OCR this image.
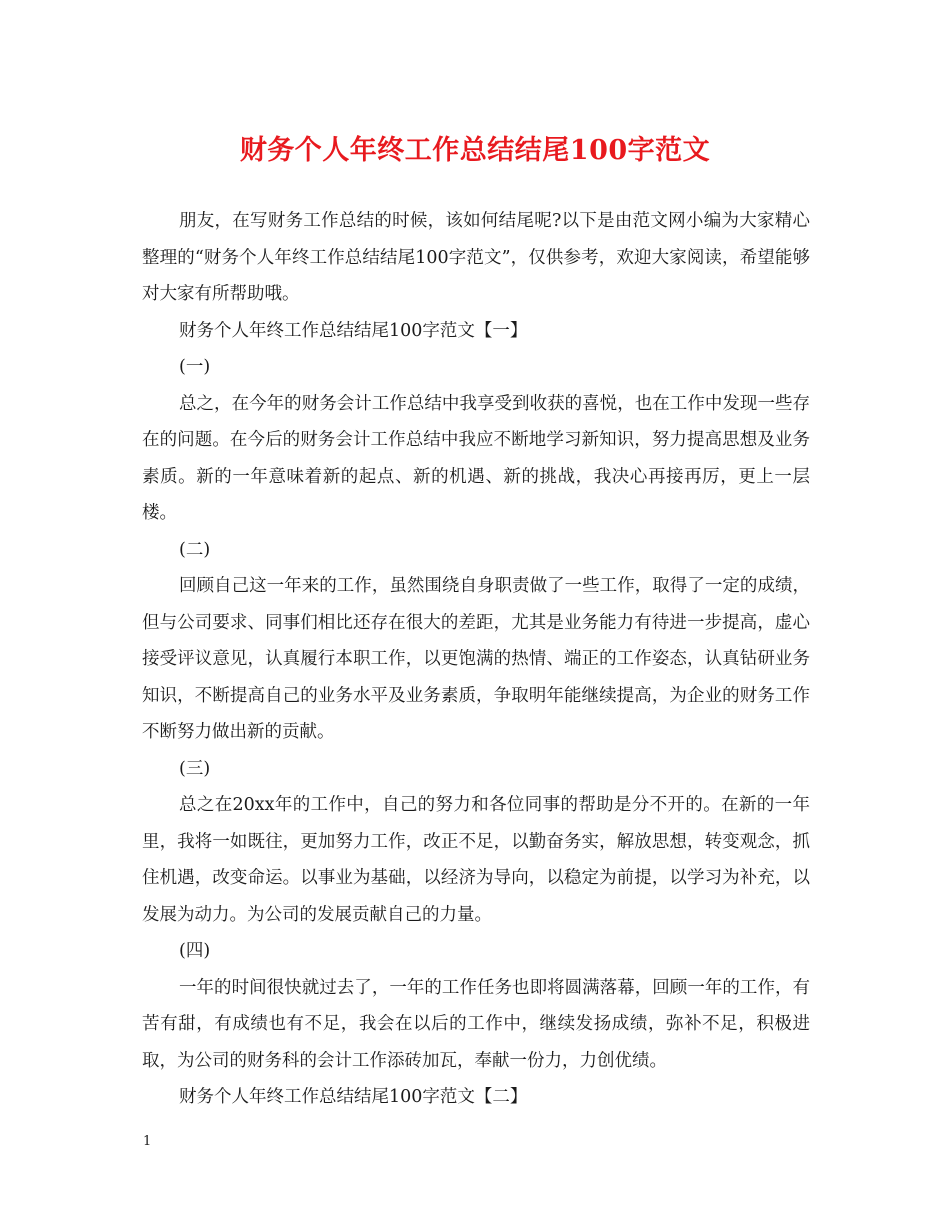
财务个人年终工作总结结尾100字范文

朋友，在写财务工作总结的时候，该如何结尾呢?以下是由范文网小编为大家精心整理的“财务个人年终工作总结结尾100字范文”，仅供参考，欢迎大家阅读，希望能够对大家有所帮助哦。

财务个人年终工作总结结尾100字范文【一】

(一)

总之，在今年的财务会计工作总结中我享受到收获的喜悦，也在工作中发现一些存在的问题。在今后的财务会计工作总结中我应不断地学习新知识，努力提高思想及业务素质。新的一年意味着新的起点、新的机遇、新的挑战，我决心再接再厉，更上一层楼。

(二)

回顾自己这一年来的工作，虽然围绕自身职责做了一些工作，取得了一定的成绩，但与公司要求、同事们相比还存在很大的差距，尤其是业务能力有待进一步提高，虚心接受评议意见，认真履行本职工作，以更饱满的热情、端正的工作姿态，认真钻研业务知识，不断提高自己的业务水平及业务素质，争取明年能继续提高，为企业的财务工作不断努力做出新的贡献。

(三)

总之在20xx年的工作中，自己的努力和各位同事的帮助是分不开的。在新的一年里，我将一如既往，更加努力工作，改正不足，以勤奋务实，解放思想，转变观念，抓住机遇，改变命运。以事业为基础，以经济为导向，以稳定为前提，以学习为补充，以发展为动力。为公司的发展贡献自己的力量。

(四)

一年的时间很快就过去了，一年的工作任务也即将圆满落幕，回顾一年的工作，有苦有甜，有成绩也有不足，我会在以后的工作中，继续发扬成绩，弥补不足，积极进取，为公司的财务科的会计工作添砖加瓦，奉献一份力，力创优绩。

财务个人年终工作总结结尾100字范文【二】

1
